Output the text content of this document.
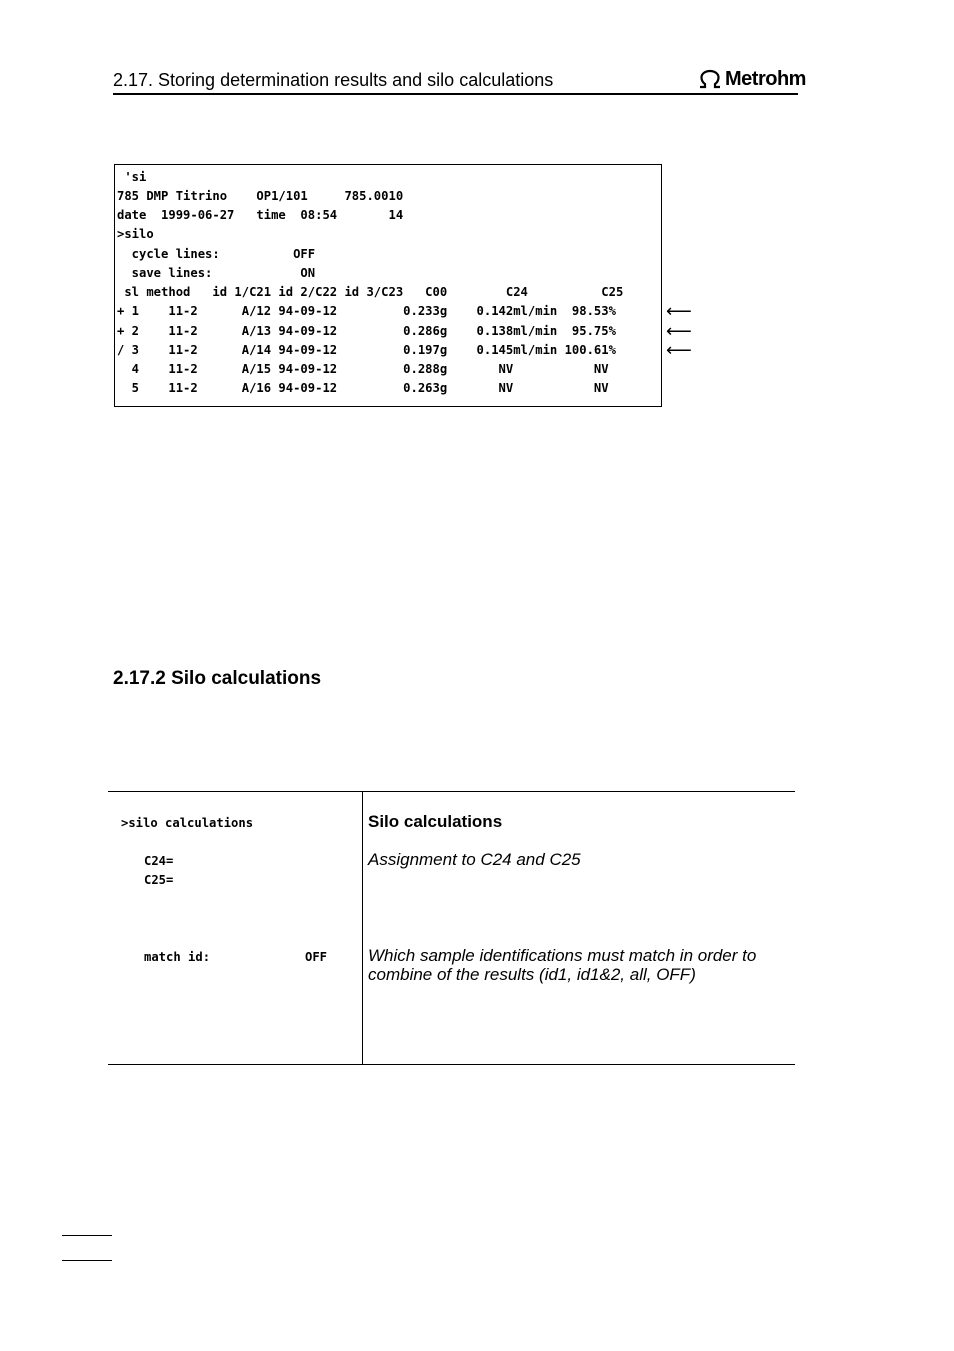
2.17. Storing determination results and silo calculations	Metrohm
'si
785 DMP Titrino    OP1/101     785.0010
date  1999-06-27   time  08:54       14
>silo
cycle lines:          OFF
save lines:            ON
sl method   id 1/C21 id 2/C22 id 3/C23   C00        C24          C25
+ 1    11-2      A/12 94-09-12         0.233g    0.142ml/min  98.53%
+ 2    11-2      A/13 94-09-12         0.286g    0.138ml/min  95.75%
/ 3    11-2      A/14 94-09-12         0.197g    0.145ml/min 100.61%
4    11-2      A/15 94-09-12         0.288g       NV           NV
5    11-2      A/16 94-09-12         0.263g       NV           NV
⟵
⟵
⟵
2.17.2 Silo calculations
>silo calculations
C24=
C25=
match id:	OFF
Silo calculations
Assignment to C24 and C25
Which sample identifications must match in order to combine of the results (id1, id1&2, all, OFF)
